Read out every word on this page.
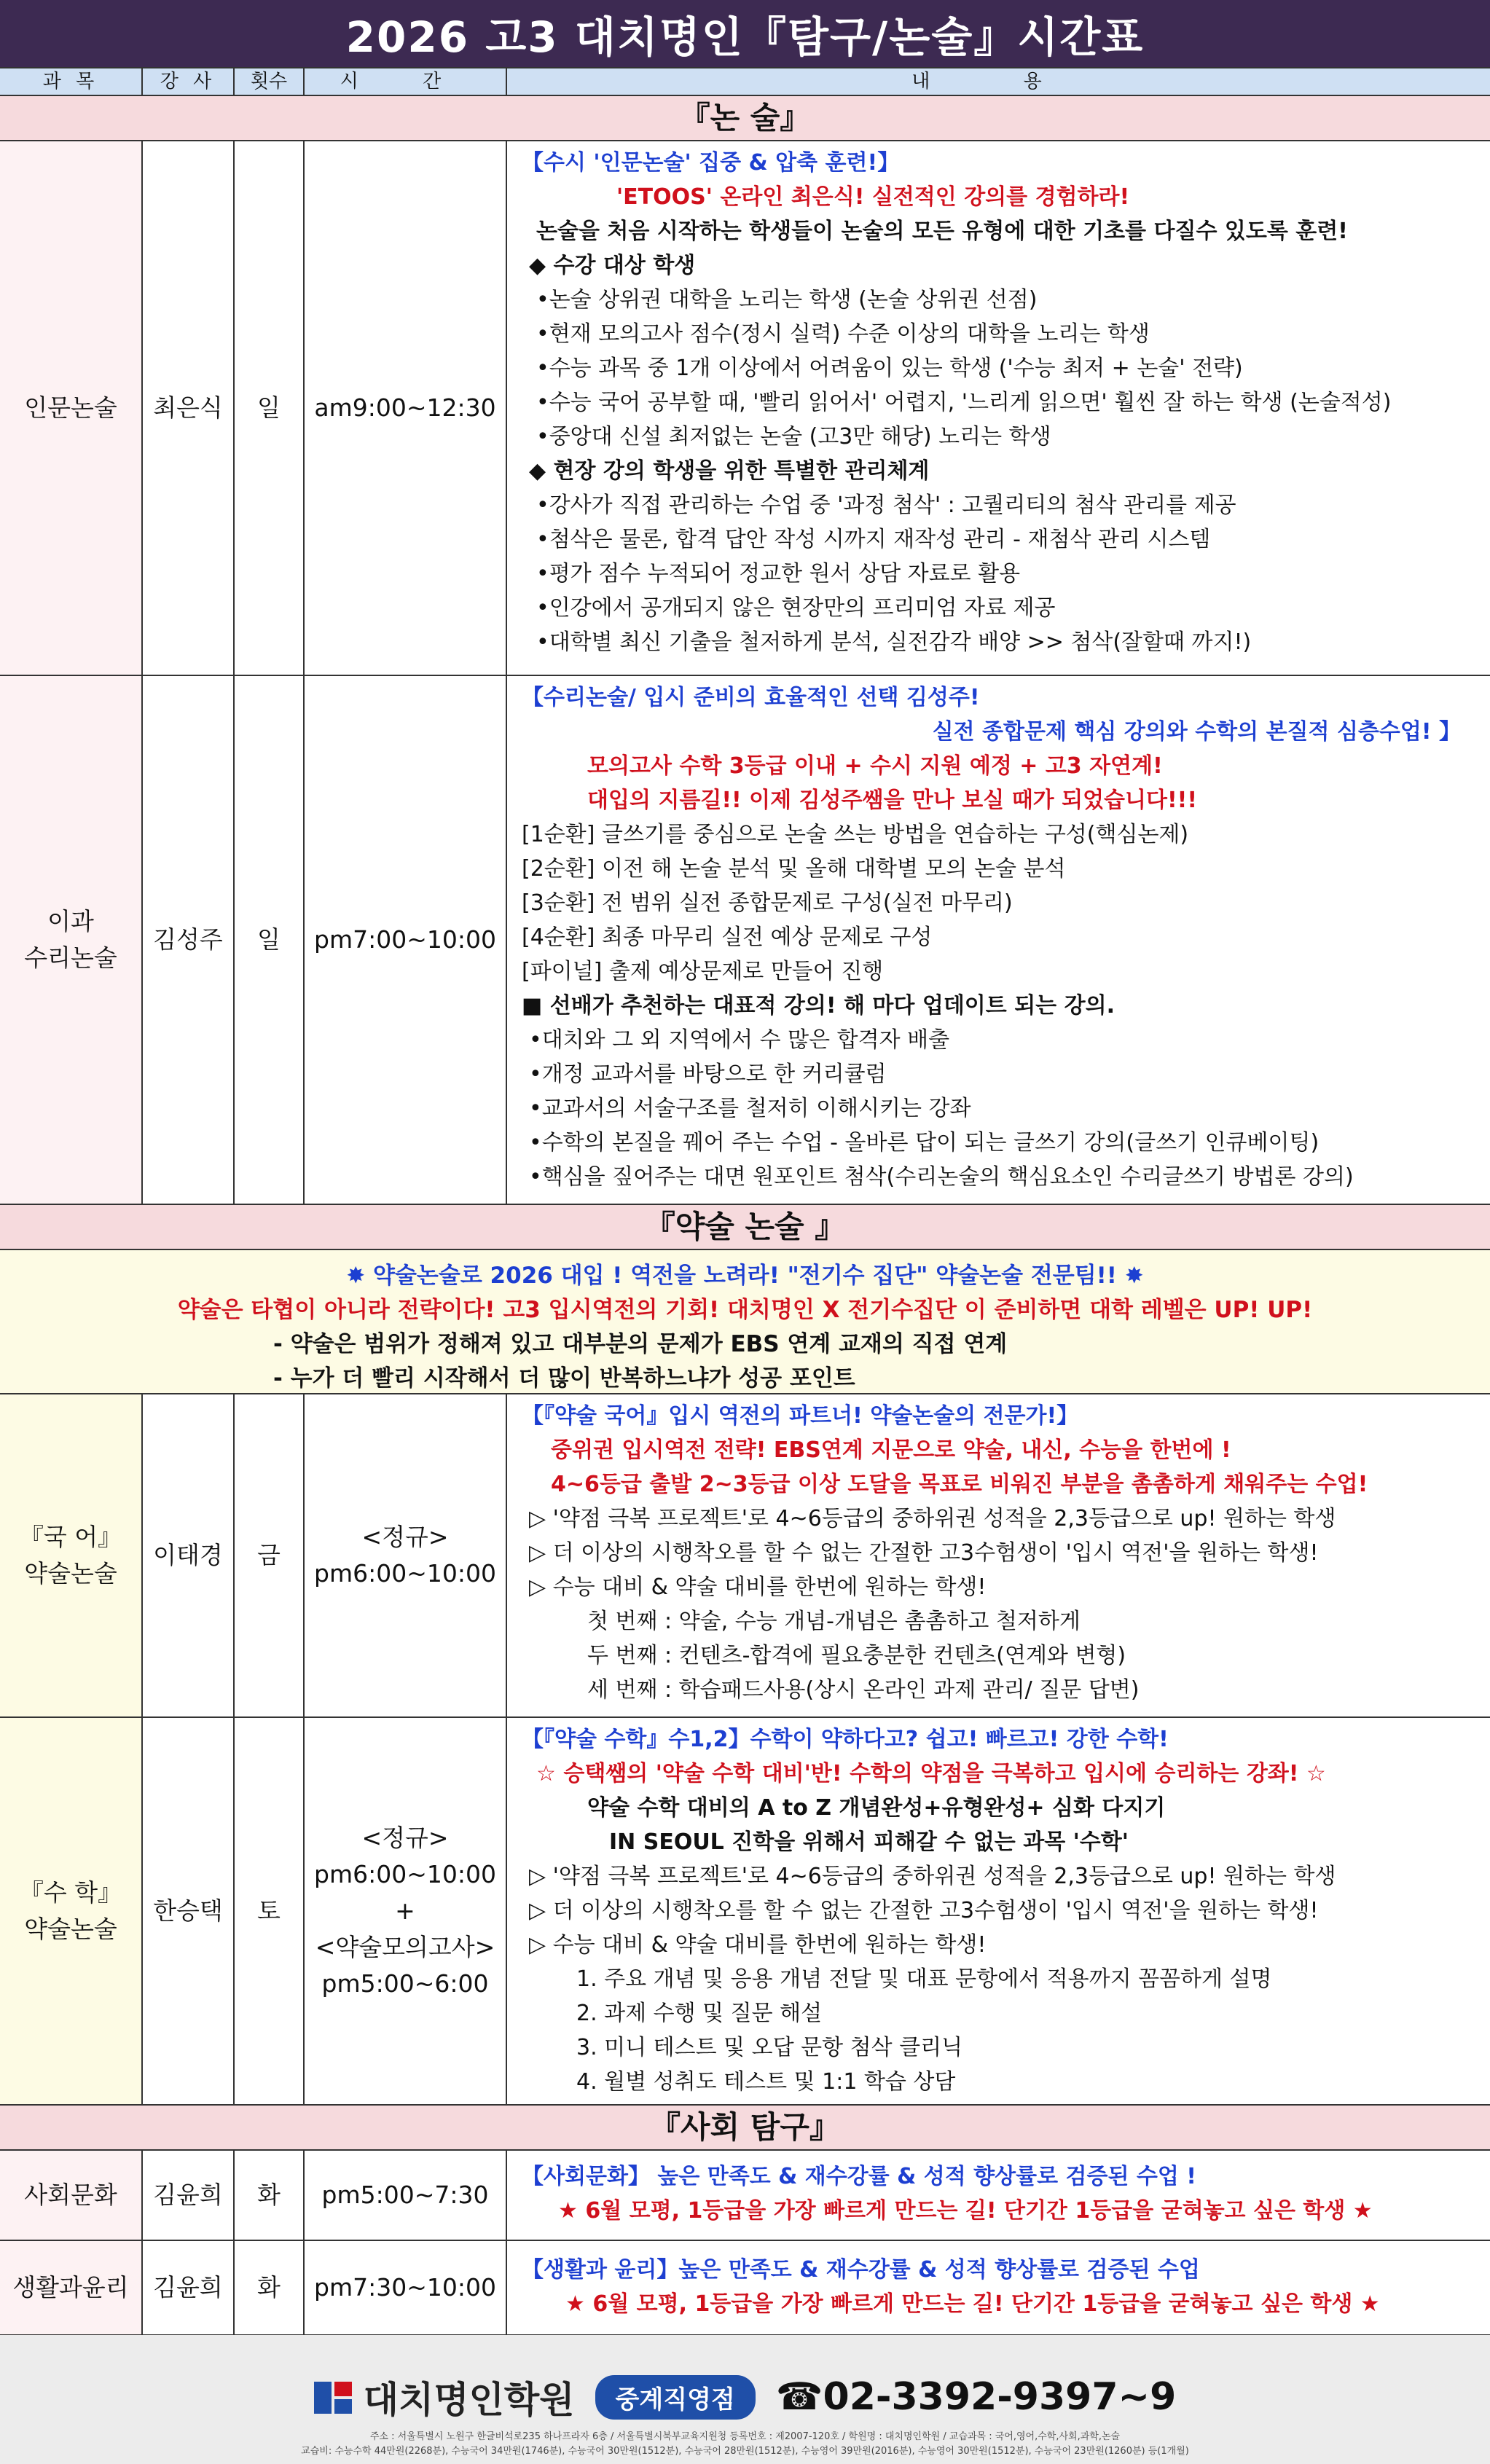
2026 고3 대치명인『탐구/논술』시간표
과 목	강 사	횟수	시 간	내 용
『논 술』
인문논술	최은식	일	am9:00~12:30
【수시 '인문논술' 집중 & 압축 훈련!】
'ETOOS' 온라인 최은식! 실전적인 강의를 경험하라!
논술을 처음 시작하는 학생들이 논술의 모든 유형에 대한 기초를 다질수 있도록 훈련!
◆ 수강 대상 학생
•논술 상위권 대학을 노리는 학생 (논술 상위권 선점)
•현재 모의고사 점수(정시 실력) 수준 이상의 대학을 노리는 학생
•수능 과목 중 1개 이상에서 어려움이 있는 학생 ('수능 최저 + 논술' 전략)
•수능 국어 공부할 때, '빨리 읽어서' 어렵지, '느리게 읽으면' 훨씬 잘 하는 학생 (논술적성)
•중앙대 신설 최저없는 논술 (고3만 해당) 노리는 학생
◆ 현장 강의 학생을 위한 특별한 관리체계
•강사가 직접 관리하는 수업 중 '과정 첨삭' : 고퀄리티의 첨삭 관리를 제공
•첨삭은 물론, 합격 답안 작성 시까지 재작성 관리 - 재첨삭 관리 시스템
•평가 점수 누적되어 정교한 원서 상담 자료로 활용
•인강에서 공개되지 않은 현장만의 프리미엄 자료 제공
•대학별 최신 기출을 철저하게 분석, 실전감각 배양 >> 첨삭(잘할때 까지!)
이과
수리논술
김성주	일	pm7:00~10:00
【수리논술/ 입시 준비의 효율적인 선택 김성주!
실전 종합문제 핵심 강의와 수학의 본질적 심층수업! 】
모의고사 수학 3등급 이내 + 수시 지원 예정 + 고3 자연계!
대입의 지름길!! 이제 김성주쌤을 만나 보실 때가 되었습니다!!!
[1순환] 글쓰기를 중심으로 논술 쓰는 방법을 연습하는 구성(핵심논제)
[2순환] 이전 해 논술 분석 및 올해 대학별 모의 논술 분석
[3순환] 전 범위 실전 종합문제로 구성(실전 마무리)
[4순환] 최종 마무리 실전 예상 문제로 구성
[파이널] 출제 예상문제로 만들어 진행
■ 선배가 추천하는 대표적 강의! 해 마다 업데이트 되는 강의.
•대치와 그 외 지역에서 수 많은 합격자 배출
•개정 교과서를 바탕으로 한 커리큘럼
•교과서의 서술구조를 철저히 이해시키는 강좌
•수학의 본질을 꿰어 주는 수업 - 올바른 답이 되는 글쓰기 강의(글쓰기 인큐베이팅)
•핵심을 짚어주는 대면 원포인트 첨삭(수리논술의 핵심요소인 수리글쓰기 방법론 강의)
『약술 논술 』
✸ 약술논술로 2026 대입 ! 역전을 노려라! "전기수 집단" 약술논술 전문팀!! ✸
약술은 타협이 아니라 전략이다! 고3 입시역전의 기회! 대치명인 X 전기수집단 이 준비하면 대학 레벨은 UP! UP!
- 약술은 범위가 정해져 있고 대부분의 문제가 EBS 연계 교재의 직접 연계
- 누가 더 빨리 시작해서 더 많이 반복하느냐가 성공 포인트
『국 어』
약술논술
이태경	금
<정규>
pm6:00~10:00
【『약술 국어』입시 역전의 파트너! 약술논술의 전문가!】
중위권 입시역전 전략! EBS연계 지문으로 약술, 내신, 수능을 한번에 !
4~6등급 출발 2~3등급 이상 도달을 목표로 비워진 부분을 촘촘하게 채워주는 수업!
▷ '약점 극복 프로젝트'로 4~6등급의 중하위권 성적을 2,3등급으로 up! 원하는 학생
▷ 더 이상의 시행착오를 할 수 없는 간절한 고3수험생이 '입시 역전'을 원하는 학생!
▷ 수능 대비 & 약술 대비를 한번에 원하는 학생!
첫 번째 : 약술, 수능 개념-개념은 촘촘하고 철저하게
두 번째 : 컨텐츠-합격에 필요충분한 컨텐츠(연계와 변형)
세 번째 : 학습패드사용(상시 온라인 과제 관리/ 질문 답변)
『수 학』
약술논술
한승택	토
<정규>
pm6:00~10:00
+
<약술모의고사>
pm5:00~6:00
【『약술 수학』수1,2】수학이 약하다고? 쉽고! 빠르고! 강한 수학!
☆ 승택쌤의 '약술 수학 대비'반! 수학의 약점을 극복하고 입시에 승리하는 강좌! ☆
약술 수학 대비의 A to Z 개념완성+유형완성+ 심화 다지기
IN SEOUL 진학을 위해서 피해갈 수 없는 과목 '수학'
▷ '약점 극복 프로젝트'로 4~6등급의 중하위권 성적을 2,3등급으로 up! 원하는 학생
▷ 더 이상의 시행착오를 할 수 없는 간절한 고3수험생이 '입시 역전'을 원하는 학생!
▷ 수능 대비 & 약술 대비를 한번에 원하는 학생!
1. 주요 개념 및 응용 개념 전달 및 대표 문항에서 적용까지 꼼꼼하게 설명
2. 과제 수행 및 질문 해설
3. 미니 테스트 및 오답 문항 첨삭 클리닉
4. 월별 성취도 테스트 및 1:1 학습 상담
『사회 탐구』
사회문화	김윤희	화	pm5:00~7:30
【사회문화】 높은 만족도 & 재수강률 & 성적 향상률로 검증된 수업 !
★ 6월 모평, 1등급을 가장 빠르게 만드는 길! 단기간 1등급을 굳혀놓고 싶은 학생 ★
생활과윤리	김윤희	화	pm7:30~10:00
【생활과 윤리】높은 만족도 & 재수강률 & 성적 향상률로 검증된 수업
★ 6월 모평, 1등급을 가장 빠르게 만드는 길! 단기간 1등급을 굳혀놓고 싶은 학생 ★
대치명인학원	중계직영점	☎02-3392-9397~9
주소 : 서울특별시 노원구 한글비석로235 하나프라자 6층 / 서울특별시북부교육지원청 등록번호 : 제2007-120호 / 학원명 : 대치명인학원 / 교습과목 : 국어,영어,수학,사회,과학,논술
교습비: 수능수학 44만원(2268분), 수능국어 34만원(1746분), 수능국어 30만원(1512분), 수능국어 28만원(1512분), 수능영어 39만원(2016분), 수능영어 30만원(1512분), 수능국어 23만원(1260분) 등(1개월)
